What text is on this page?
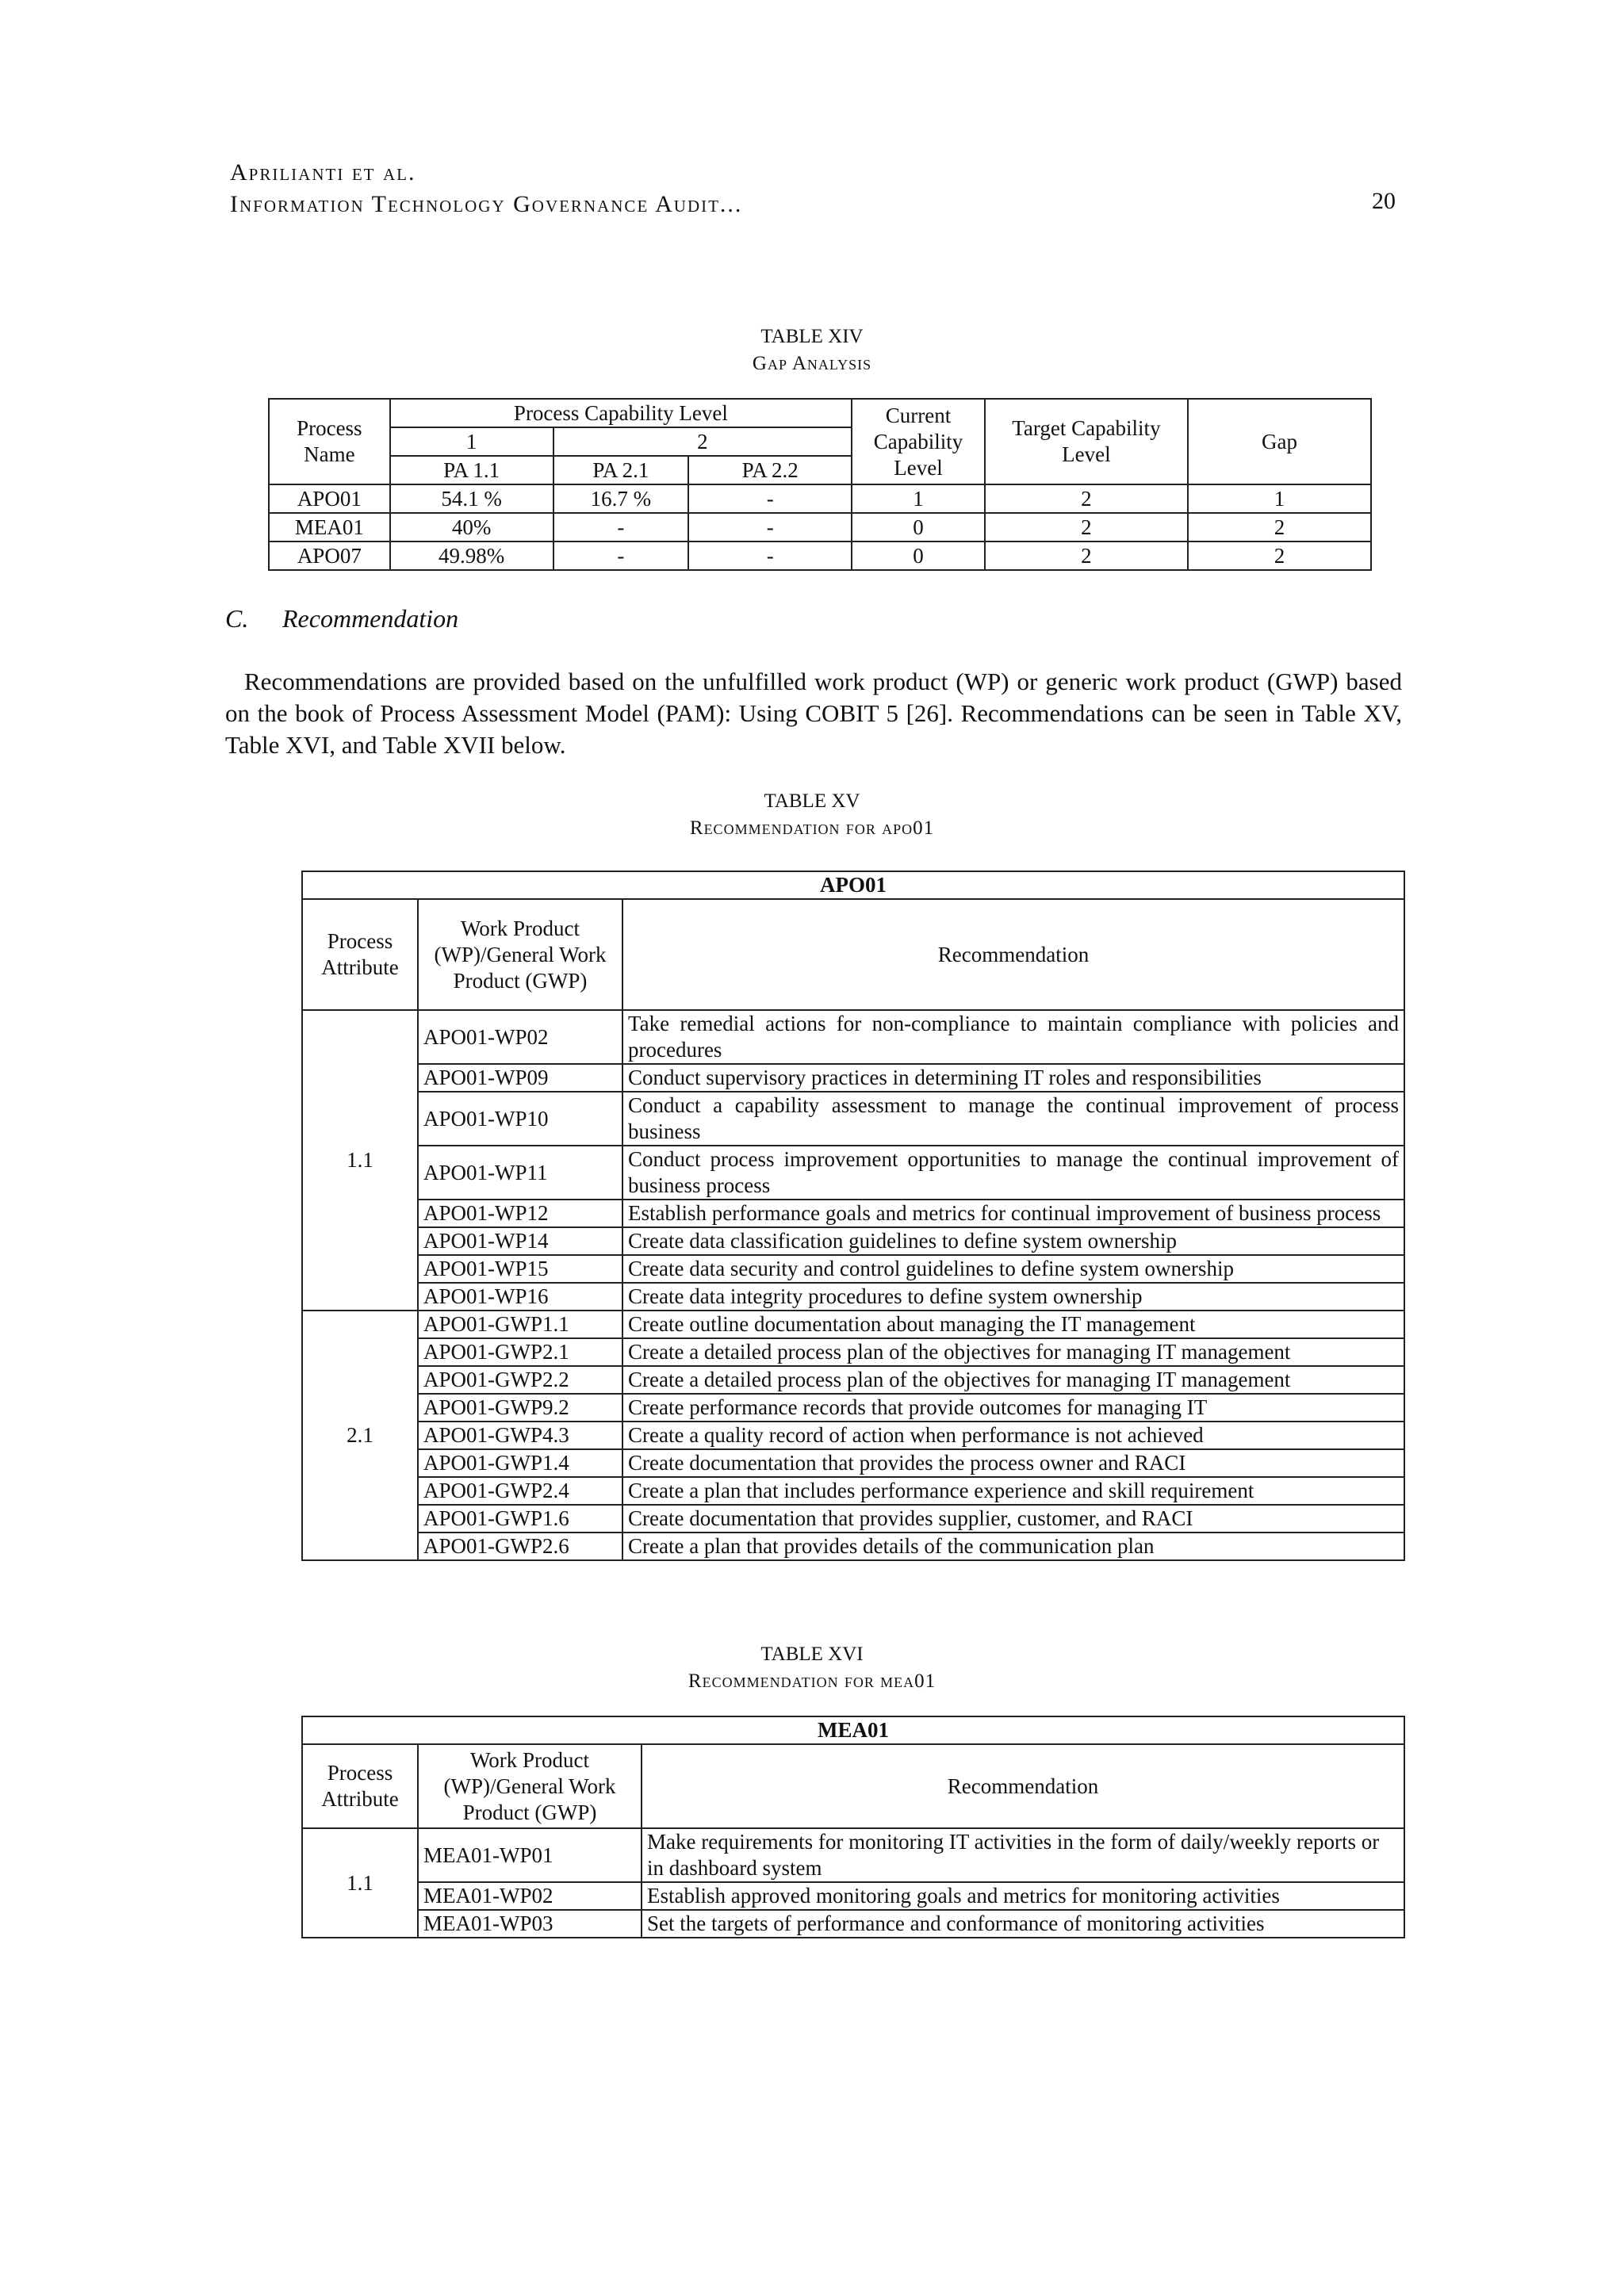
Aprilianti et al.
Information Technology Governance Audit...	20
TABLE XIV
Gap Analysis
Process Name	Process Capability Level			Current Capability Level	Target Capability Level	Gap
	1	2				
	PA 1.1	PA 2.1	PA 2.2			
APO01	54.1 %	16.7 %	-	1	2	1
MEA01	40%	-	-	0	2	2
APO07	49.98%	-	-	0	2	2
C. Recommendation
Recommendations are provided based on the unfulfilled work product (WP) or generic work product (GWP) based on the book of Process Assessment Model (PAM): Using COBIT 5 [26]. Recommendations can be seen in Table XV, Table XVI, and Table XVII below.
TABLE XV
Recommendation for apo01
APO01		
Process Attribute	Work Product (WP)/General Work Product (GWP)	Recommendation
1.1	APO01-WP02	Take remedial actions for non-compliance to maintain compliance with policies and procedures
	APO01-WP09	Conduct supervisory practices in determining IT roles and responsibilities
	APO01-WP10	Conduct a capability assessment to manage the continual improvement of process business
	APO01-WP11	Conduct process improvement opportunities to manage the continual improvement of business process
	APO01-WP12	Establish performance goals and metrics for continual improvement of business process
	APO01-WP14	Create data classification guidelines to define system ownership
	APO01-WP15	Create data security and control guidelines to define system ownership
	APO01-WP16	Create data integrity procedures to define system ownership
2.1	APO01-GWP1.1	Create outline documentation about managing the IT management
	APO01-GWP2.1	Create a detailed process plan of the objectives for managing IT management
	APO01-GWP2.2	Create a detailed process plan of the objectives for managing IT management
	APO01-GWP9.2	Create performance records that provide outcomes for managing IT
	APO01-GWP4.3	Create a quality record of action when performance is not achieved
	APO01-GWP1.4	Create documentation that provides the process owner and RACI
	APO01-GWP2.4	Create a plan that includes performance experience and skill requirement
	APO01-GWP1.6	Create documentation that provides supplier, customer, and RACI
	APO01-GWP2.6	Create a plan that provides details of the communication plan
TABLE XVI
Recommendation for mea01
MEA01		
Process Attribute	Work Product (WP)/General Work Product (GWP)	Recommendation
1.1	MEA01-WP01	Make requirements for monitoring IT activities in the form of daily/weekly reports or in dashboard system
	MEA01-WP02	Establish approved monitoring goals and metrics for monitoring activities
	MEA01-WP03	Set the targets of performance and conformance of monitoring activities
